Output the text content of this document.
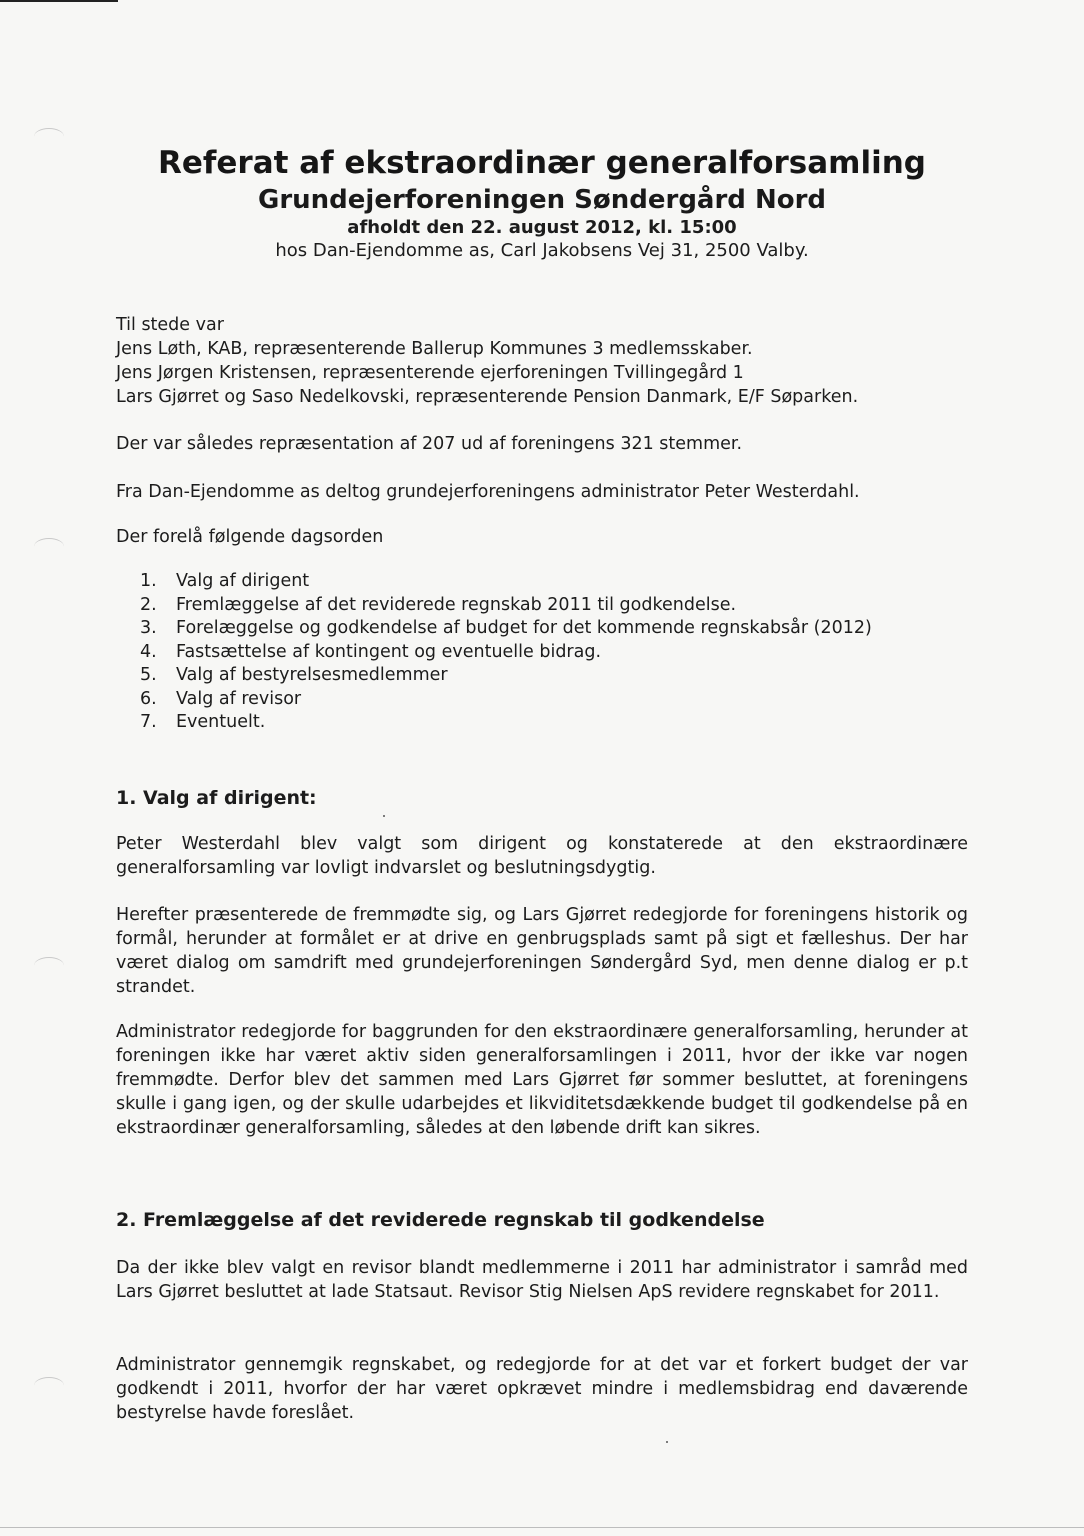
Referat af ekstraordinær generalforsamling

Grundejerforeningen Søndergård Nord

afholdt den 22. august 2012, kl. 15:00

hos Dan-Ejendomme as, Carl Jakobsens Vej 31, 2500 Valby.

Til stede var

Jens Løth, KAB, repræsenterende Ballerup Kommunes 3 medlemsskaber.

Jens Jørgen Kristensen, repræsenterende ejerforeningen Tvillingegård 1

Lars Gjørret og Saso Nedelkovski, repræsenterende Pension Danmark, E/F Søparken.

Der var således repræsentation af 207 ud af foreningens 321 stemmer.

Fra Dan-Ejendomme as deltog grundejerforeningens administrator Peter Westerdahl.

Der forelå følgende dagsorden

1.	Valg af dirigent
2.	Fremlæggelse af det reviderede regnskab 2011 til godkendelse.
3.	Forelæggelse og godkendelse af budget for det kommende regnskabsår (2012)
4.	Fastsættelse af kontingent og eventuelle bidrag.
5.	Valg af bestyrelsesmedlemmer
6.	Valg af revisor
7.	Eventuelt.

1. Valg af dirigent:

Peter Westerdahl blev valgt som dirigent og konstaterede at den ekstraordinære generalforsamling var lovligt indvarslet og beslutningsdygtig.

Herefter præsenterede de fremmødte sig, og Lars Gjørret redegjorde for foreningens historik og formål, herunder at formålet er at drive en genbrugsplads samt på sigt et fælleshus. Der har været dialog om samdrift med grundejerforeningen Søndergård Syd, men denne dialog er p.t strandet.

Administrator redegjorde for baggrunden for den ekstraordinære generalforsamling, herunder at foreningen ikke har været aktiv siden generalforsamlingen i 2011, hvor der ikke var nogen fremmødte. Derfor blev det sammen med Lars Gjørret før sommer besluttet, at foreningens skulle i gang igen, og der skulle udarbejdes et likviditetsdækkende budget til godkendelse på en ekstraordinær generalforsamling, således at den løbende drift kan sikres.

2. Fremlæggelse af det reviderede regnskab til godkendelse

Da der ikke blev valgt en revisor blandt medlemmerne i 2011 har administrator i samråd med Lars Gjørret besluttet at lade Statsaut. Revisor Stig Nielsen ApS revidere regnskabet for 2011.

Administrator gennemgik regnskabet, og redegjorde for at det var et forkert budget der var godkendt i 2011, hvorfor der har været opkrævet mindre i medlemsbidrag end daværende bestyrelse havde foreslået.
